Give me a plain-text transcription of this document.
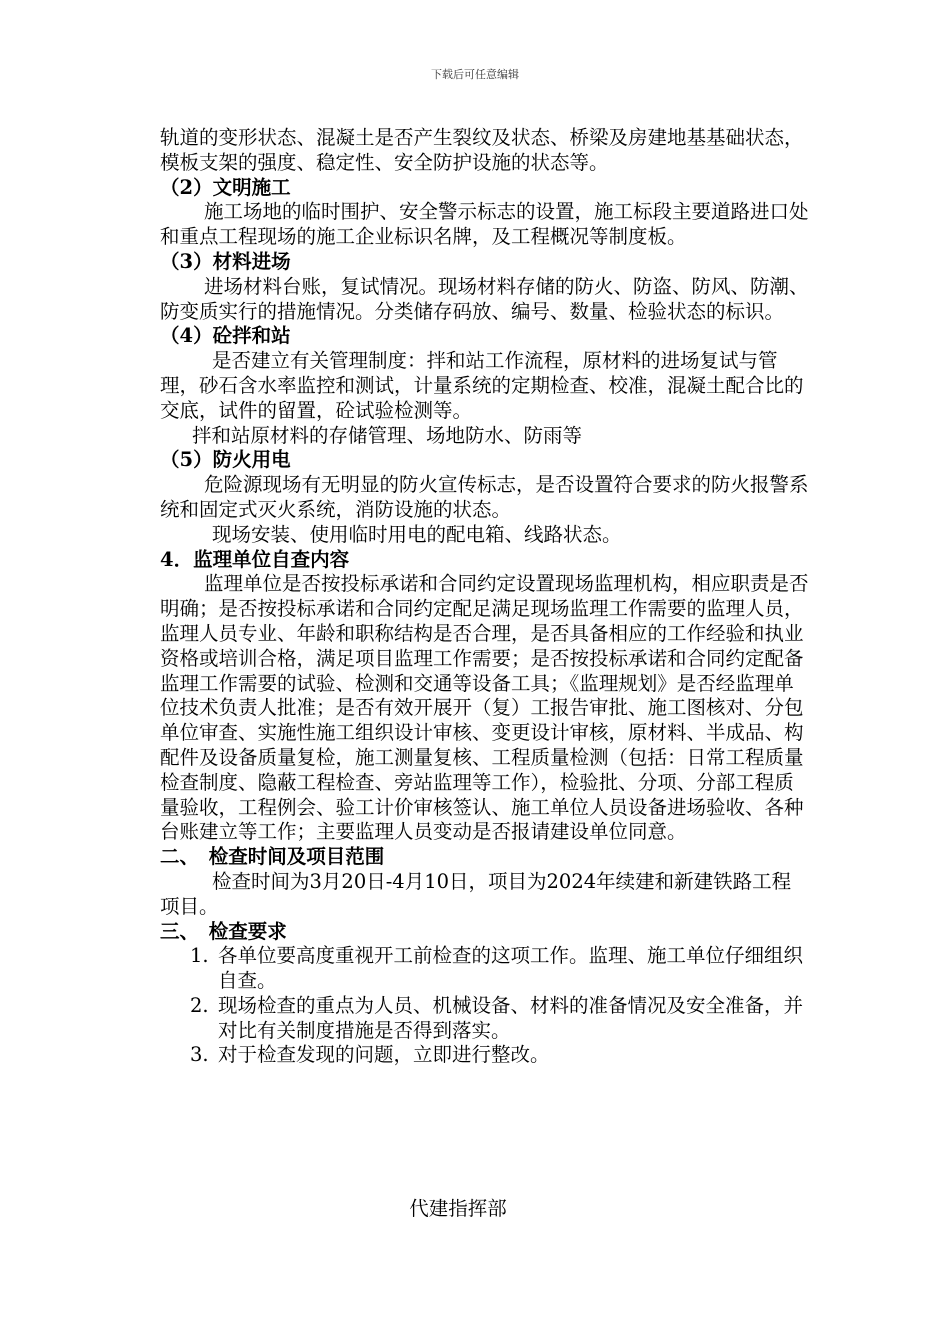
下载后可任意编辑

轨道的变形状态、混凝土是否产生裂纹及状态、桥梁及房建地基基础状态，模板支架的强度、稳定性、安全防护设施的状态等。

（2）文明施工

施工场地的临时围护、安全警示标志的设置，施工标段主要道路进口处和重点工程现场的施工企业标识名牌，及工程概况等制度板。

（3）材料进场

进场材料台账，复试情况。现场材料存储的防火、防盗、防风、防潮、防变质实行的措施情况。分类储存码放、编号、数量、检验状态的标识。

（4）砼拌和站

是否建立有关管理制度：拌和站工作流程，原材料的进场复试与管理，砂石含水率监控和测试，计量系统的定期检查、校准，混凝土配合比的交底，试件的留置，砼试验检测等。

拌和站原材料的存储管理、场地防水、防雨等

（5）防火用电

危险源现场有无明显的防火宣传标志，是否设置符合要求的防火报警系统和固定式灭火系统，消防设施的状态。

现场安装、使用临时用电的配电箱、线路状态。

4．监理单位自查内容

监理单位是否按投标承诺和合同约定设置现场监理机构，相应职责是否明确；是否按投标承诺和合同约定配足满足现场监理工作需要的监理人员，监理人员专业、年龄和职称结构是否合理，是否具备相应的工作经验和执业资格或培训合格，满足项目监理工作需要；是否按投标承诺和合同约定配备监理工作需要的试验、检测和交通等设备工具；《监理规划》是否经监理单位技术负责人批准；是否有效开展开（复）工报告审批、施工图核对、分包单位审查、实施性施工组织设计审核、变更设计审核，原材料、半成品、构配件及设备质量复检，施工测量复核、工程质量检测（包括：日常工程质量检查制度、隐蔽工程检查、旁站监理等工作），检验批、分项、分部工程质量验收，工程例会、验工计价审核签认、施工单位人员设备进场验收、各种台账建立等工作；主要监理人员变动是否报请建设单位同意。

二、　检查时间及项目范围

检查时间为3月20日-4月10日，项目为2024年续建和新建铁路工程项目。

三、　检查要求

1. 各单位要高度重视开工前检查的这项工作。监理、施工单位仔细组织自查。
2. 现场检查的重点为人员、机械设备、材料的准备情况及安全准备，并对比有关制度措施是否得到落实。
3. 对于检查发现的问题，立即进行整改。
代建指挥部
